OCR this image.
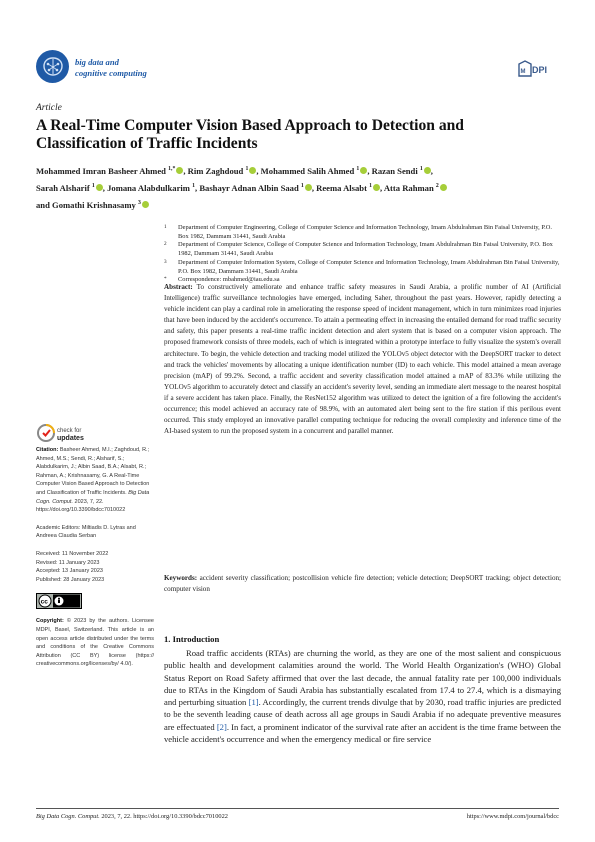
big data and
cognitive computing	M DPI
Article
A Real-Time Computer Vision Based Approach to Detection and Classification of Traffic Incidents
Mohammed Imran Basheer Ahmed $^{1,*}$ , Rim Zaghdoud $^1$ , Mohammed Salih Ahmed $^1$ , Razan Sendi $^1$ ,
Sarah Alsharif $^1$ , Jomana Alabdulkarim $^1$, Bashayr Adnan Albin Saad $^1$ , Reema Alsabt $^1$ , Atta Rahman $^2$
and Gomathi Krishnasamy $^3$
1 Department of Computer Engineering, College of Computer Science and Information Technology, Imam Abdulrahman Bin Faisal University, P.O. Box 1982, Dammam 31441, Saudi Arabia
2 Department of Computer Science, College of Computer Science and Information Technology, Imam Abdulrahman Bin Faisal University, P.O. Box 1982, Dammam 31441, Saudi Arabia
3 Department of Computer Information System, College of Computer Science and Information Technology, Imam Abdulrahman Bin Faisal University, P.O. Box 1982, Dammam 31441, Saudi Arabia
* Correspondence: mbahmed@iau.edu.sa
Abstract: To constructively ameliorate and enhance traffic safety measures in Saudi Arabia, a prolific number of AI (Artificial Intelligence) traffic surveillance technologies have emerged, including Saher, throughout the past years. However, rapidly detecting a vehicle incident can play a cardinal role in ameliorating the response speed of incident management, which in turn minimizes road injuries that have been induced by the accident's occurrence. To attain a permeating effect in increasing the entailed demand for road traffic security and safety, this paper presents a real-time traffic incident detection and alert system that is based on a computer vision approach. The proposed framework consists of three models, each of which is integrated within a prototype interface to fully visualize the system's overall architecture. To begin, the vehicle detection and tracking model utilized the YOLOv5 object detector with the DeepSORT tracker to detect and track the vehicles' movements by allocating a unique identification number (ID) to each vehicle. This model attained a mean average precision (mAP) of 99.2%. Second, a traffic accident and severity classification model attained a mAP of 83.3% while utilizing the YOLOv5 algorithm to accurately detect and classify an accident's severity level, sending an immediate alert message to the nearest hospital if a severe accident has taken place. Finally, the ResNet152 algorithm was utilized to detect the ignition of a fire following the accident's occurrence; this model achieved an accuracy rate of 98.9%, with an automated alert being sent to the fire station if this perilous event occurred. This study employed an innovative parallel computing technique for reducing the overall complexity and inference time of the AI-based system to run the proposed system in a concurrent and parallel manner.
Keywords: accident severity classification; postcollision vehicle fire detection; vehicle detection; DeepSORT tracking; object detection; computer vision
check for
updates
Citation: Basheer Ahmed, M.I.; Zaghdoud, R.; Ahmed, M.S.; Sendi, R.; Alsharif, S.; Alabdulkarim, J.; Albin Saad, B.A.; Alsabt, R.; Rahman, A.; Krishnasamy, G. A Real-Time Computer Vision Based Approach to Detection and Classification of Traffic Incidents. Big Data Cogn. Comput. 2023, 7, 22. https://doi.org/10.3390/bdcc7010022
Academic Editors: Miltiadis D. Lytras and Andreea Claudia Serban
Received: 11 November 2022
Revised: 11 January 2023
Accepted: 13 January 2023
Published: 28 January 2023
cc
Copyright: © 2023 by the authors. Licensee MDPI, Basel, Switzerland. This article is an open access article distributed under the terms and conditions of the Creative Commons Attribution (CC BY) license (https:// creativecommons.org/licenses/by/ 4.0/).
1. Introduction
Road traffic accidents (RTAs) are churning the world, as they are one of the most salient and conspicuous public health and development calamities around the world. The World Health Organization's (WHO) Global Status Report on Road Safety affirmed that over the last decade, the annual fatality rate per 100,000 individuals due to RTAs in the Kingdom of Saudi Arabia has substantially escalated from 17.4 to 27.4, which is a dismaying and perturbing situation [1]. Accordingly, the current trends divulge that by 2030, road traffic injuries are predicted to be the seventh leading cause of death across all age groups in Saudi Arabia if no adequate preventive measures are effectuated [2]. In fact, a prominent indicator of the survival rate after an accident is the time frame between the vehicle accident's occurrence and when the emergency medical or fire service
Big Data Cogn. Comput. 2023, 7, 22. https://doi.org/10.3390/bdcc7010022	https://www.mdpi.com/journal/bdcc
